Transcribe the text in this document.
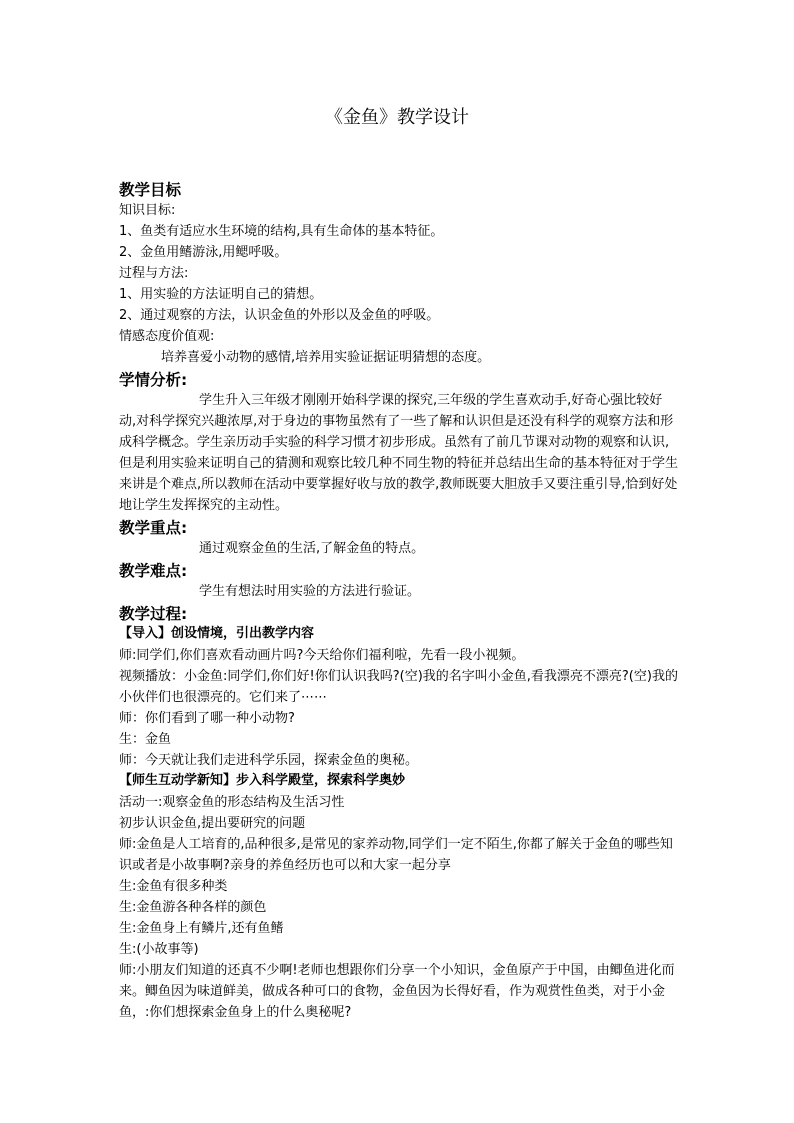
《金鱼》教学设计
教学目标
知识目标:
1、鱼类有适应水生环境的结构,具有生命体的基本特征。
2、金鱼用鳍游泳,用鳃呼吸。
过程与方法:
1、用实验的方法证明自己的猜想。
2、通过观察的方法，认识金鱼的外形以及金鱼的呼吸。
情感态度价值观:
培养喜爱小动物的感情,培养用实验证据证明猜想的态度。
学情分析:
学生升入三年级才刚刚开始科学课的探究,三年级的学生喜欢动手,好奇心强比较好动,对科学探究兴趣浓厚,对于身边的事物虽然有了一些了解和认识但是还没有科学的观察方法和形成科学概念。学生亲历动手实验的科学习惯才初步形成。虽然有了前几节课对动物的观察和认识,但是利用实验来证明自己的猜测和观察比较几种不同生物的特征并总结出生命的基本特征对于学生来讲是个难点,所以教师在活动中要掌握好收与放的教学,教师既要大胆放手又要注重引导,恰到好处地让学生发挥探究的主动性。
教学重点:
通过观察金鱼的生活,了解金鱼的特点。
教学难点:
学生有想法时用实验的方法进行验证。
教学过程:
【导入】创设情境，引出教学内容
师:同学们,你们喜欢看动画片吗?今天给你们福利啦，先看一段小视频。
视频播放：小金鱼:同学们,你们好!你们认识我吗?(空)我的名字叫小金鱼,看我漂亮不漂亮?(空)我的小伙伴们也很漂亮的。它们来了⋯⋯
师：你们看到了哪一种小动物?
生：金鱼
师：今天就让我们走进科学乐园，探索金鱼的奥秘。
【师生互动学新知】步入科学殿堂，探索科学奥妙
活动一:观察金鱼的形态结构及生活习性
初步认识金鱼,提出要研究的问题
师:金鱼是人工培育的,品种很多,是常见的家养动物,同学们一定不陌生,你都了解关于金鱼的哪些知识或者是小故事啊?亲身的养鱼经历也可以和大家一起分享
生:金鱼有很多种类
生:金鱼游各种各样的颜色
生:金鱼身上有鳞片,还有鱼鳍
生:(小故事等)
师:小朋友们知道的还真不少啊!老师也想跟你们分享一个小知识，金鱼原产于中国，由鲫鱼进化而来。鲫鱼因为味道鲜美，做成各种可口的食物，金鱼因为长得好看，作为观赏性鱼类，对于小金鱼，:你们想探索金鱼身上的什么奥秘呢?
